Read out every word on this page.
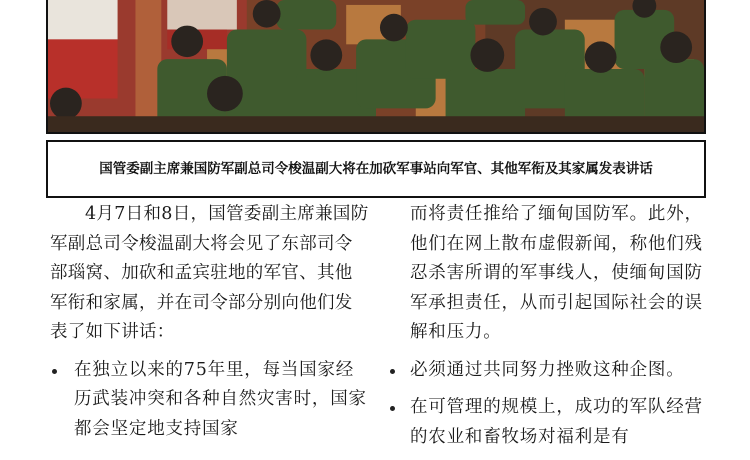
国管委副主席兼国防军副总司令梭温副大将在加砍军事站向军官、其他军衔及其家属发表讲话

4月7日和8日，国管委副主席兼国防军副总司令梭温副大将会见了东部司令部瑙窝、加砍和孟宾驻地的军官、其他军衔和家属，并在司令部分别向他们发表了如下讲话：

在独立以来的75年里，每当国家经历武装冲突和各种自然灾害时，国家都会坚定地支持国家

而将责任推给了缅甸国防军。此外，他们在网上散布虚假新闻，称他们残忍杀害所谓的军事线人，使缅甸国防军承担责任，从而引起国际社会的误解和压力。

必须通过共同努力挫败这种企图。

在可管理的规模上，成功的军队经营的农业和畜牧场对福利是有
